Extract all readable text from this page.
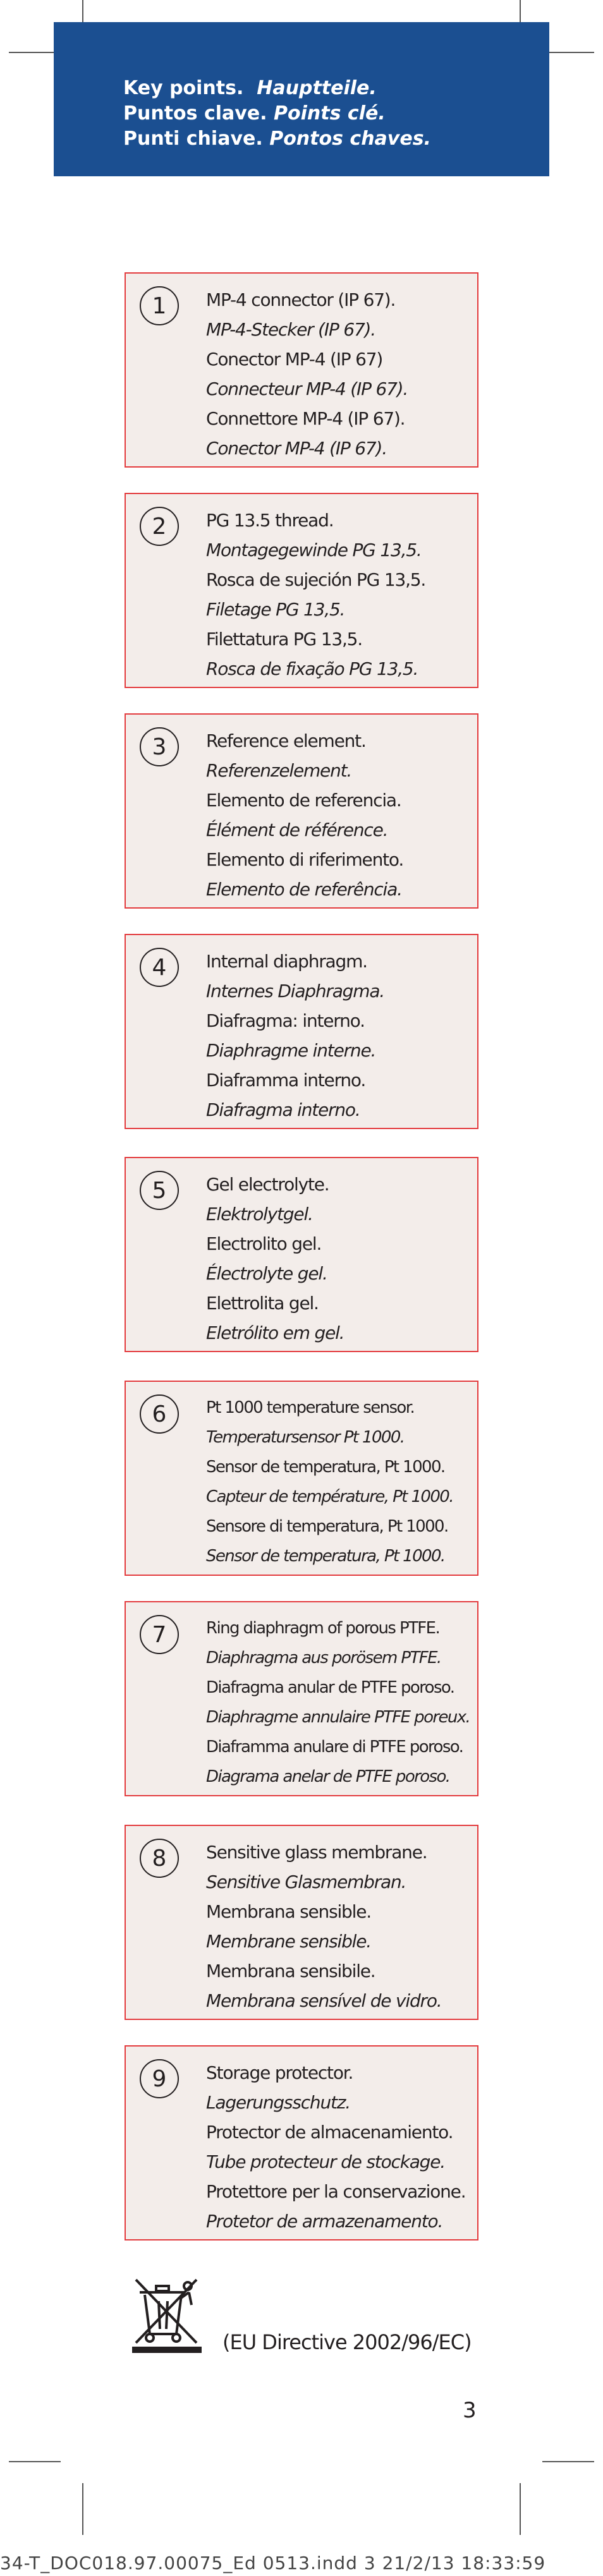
Key points. Hauptteile.
Puntos clave. Points clé.
Punti chiave. Pontos chaves.
1	MP-4 connector (IP 67).
MP-4-Stecker (IP 67).
Conector MP-4 (IP 67)
Connecteur MP-4 (IP 67).
Connettore MP-4 (IP 67).
Conector MP-4 (IP 67).
2	PG 13.5 thread.
Montagegewinde PG 13,5.
Rosca de sujeción PG 13,5.
Filetage PG 13,5.
Filettatura PG 13,5.
Rosca de fixação PG 13,5.
3	Reference element.
Referenzelement.
Elemento de referencia.
Élément de référence.
Elemento di riferimento.
Elemento de referência.
4	Internal diaphragm.
Internes Diaphragma.
Diafragma: interno.
Diaphragme interne.
Diaframma interno.
Diafragma interno.
5	Gel electrolyte.
Elektrolytgel.
Electrolito gel.
Électrolyte gel.
Elettrolita gel.
Eletrólito em gel.
6	Pt 1000 temperature sensor.
Temperatursensor Pt 1000.
Sensor de temperatura, Pt 1000.
Capteur de température, Pt 1000.
Sensore di temperatura, Pt 1000.
Sensor de temperatura, Pt 1000.
7	Ring diaphragm of porous PTFE.
Diaphragma aus porösem PTFE.
Diafragma anular de PTFE poroso.
Diaphragme annulaire PTFE poreux.
Diaframma anulare di PTFE poroso.
Diagrama anelar de PTFE poroso.
8	Sensitive glass membrane.
Sensitive Glasmembran.
Membrana sensible.
Membrane sensible.
Membrana sensibile.
Membrana sensível de vidro.
9	Storage protector.
Lagerungsschutz.
Protector de almacenamiento.
Tube protecteur de stockage.
Protettore per la conservazione.
Protetor de armazenamento.
(EU Directive 2002/96/EC)
3
34-T_DOC018.97.00075_Ed 0513.indd 3 21/2/13 18:33:59
